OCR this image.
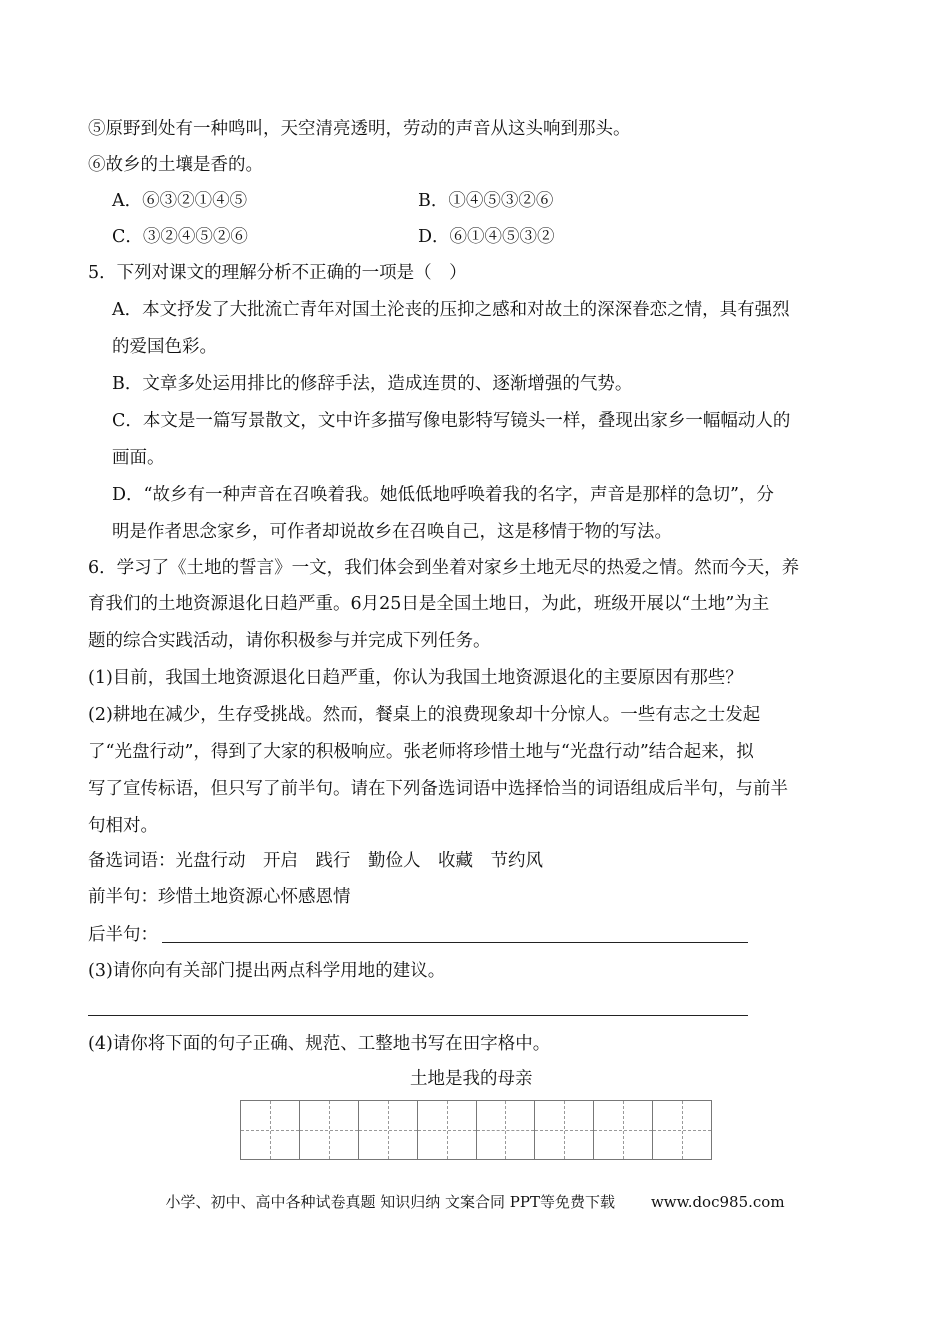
⑤原野到处有一种鸣叫，天空清亮透明，劳动的声音从这头响到那头。
⑥故乡的土壤是香的。
A．⑥③②①④⑤	B．①④⑤③②⑥
C．③②④⑤②⑥	D．⑥①④⑤③②
5．下列对课文的理解分析不正确的一项是（　）
A．本文抒发了大批流亡青年对国土沦丧的压抑之感和对故土的深深眷恋之情，具有强烈
的爱国色彩。
B．文章多处运用排比的修辞手法，造成连贯的、逐渐增强的气势。
C．本文是一篇写景散文，文中许多描写像电影特写镜头一样，叠现出家乡一幅幅动人的
画面。
D．“故乡有一种声音在召唤着我。她低低地呼唤着我的名字，声音是那样的急切”，分
明是作者思念家乡，可作者却说故乡在召唤自己，这是移情于物的写法。
6．学习了《土地的誓言》一文，我们体会到坐着对家乡土地无尽的热爱之情。然而今天，养
育我们的土地资源退化日趋严重。6月25日是全国土地日，为此，班级开展以“土地”为主
题的综合实践活动，请你积极参与并完成下列任务。
(1)目前，我国土地资源退化日趋严重，你认为我国土地资源退化的主要原因有那些？
(2)耕地在减少，生存受挑战。然而，餐桌上的浪费现象却十分惊人。一些有志之士发起
了“光盘行动”，得到了大家的积极响应。张老师将珍惜土地与“光盘行动”结合起来，拟
写了宣传标语，但只写了前半句。请在下列备选词语中选择恰当的词语组成后半句，与前半
句相对。
备选词语：光盘行动　开启　践行　勤俭人　收藏　节约风
前半句：珍惜土地资源心怀感恩情
后半句：
(3)请你向有关部门提出两点科学用地的建议。
(4)请你将下面的句子正确、规范、工整地书写在田字格中。
土地是我的母亲
小学、初中、高中各种试卷真题 知识归纳 文案合同 PPT等免费下载 www.doc985.com
